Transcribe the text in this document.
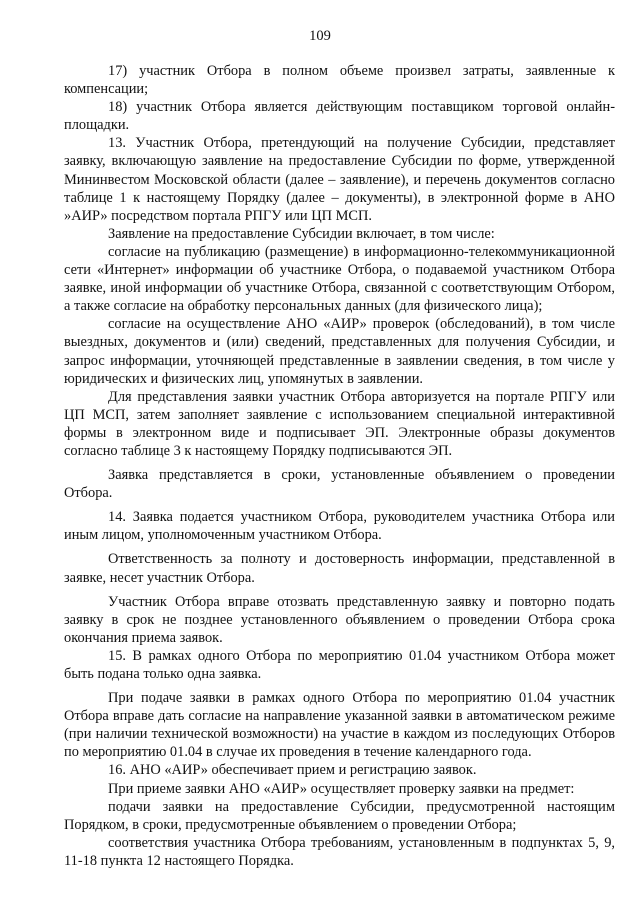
109

17) участник Отбора в полном объеме произвел затраты, заявленные к компенсации;

18) участник Отбора является действующим поставщиком торговой онлайн-площадки.

13. Участник Отбора, претендующий на получение Субсидии, представляет заявку, включающую заявление на предоставление Субсидии по форме, утвержденной Мининвестом Московской области (далее – заявление), и перечень документов согласно таблице 1 к настоящему Порядку (далее – документы), в электронной форме в АНО »АИР» посредством портала РПГУ или ЦП МСП.

Заявление на предоставление Субсидии включает, в том числе:

согласие на публикацию (размещение) в информационно-телекоммуникационной сети «Интернет» информации об участнике Отбора, о подаваемой участником Отбора заявке, иной информации об участнике Отбора, связанной с соответствующим Отбором, а также согласие на обработку персональных данных (для физического лица);

согласие на осуществление АНО «АИР» проверок (обследований), в том числе выездных, документов и (или) сведений, представленных для получения Субсидии, и запрос информации, уточняющей представленные в заявлении сведения, в том числе у юридических и физических лиц, упомянутых в заявлении.

Для представления заявки участник Отбора авторизуется на портале РПГУ или ЦП МСП, затем заполняет заявление с использованием специальной интерактивной формы в электронном виде и подписывает ЭП. Электронные образы документов согласно таблице 3 к настоящему Порядку подписываются ЭП.

Заявка представляется в сроки, установленные объявлением о проведении Отбора.

14. Заявка подается участником Отбора, руководителем участника Отбора или иным лицом, уполномоченным участником Отбора.

Ответственность за полноту и достоверность информации, представленной в заявке, несет участник Отбора.

Участник Отбора вправе отозвать представленную заявку и повторно подать заявку в срок не позднее установленного объявлением о проведении Отбора срока окончания приема заявок.

15. В рамках одного Отбора по мероприятию 01.04 участником Отбора может быть подана только одна заявка.

При подаче заявки в рамках одного Отбора по мероприятию 01.04 участник Отбора вправе дать согласие на направление указанной заявки в автоматическом режиме (при наличии технической возможности) на участие в каждом из последующих Отборов по мероприятию 01.04 в случае их проведения в течение календарного года.

16. АНО «АИР» обеспечивает прием и регистрацию заявок.

При приеме заявки АНО «АИР» осуществляет проверку заявки на предмет:

подачи заявки на предоставление Субсидии, предусмотренной настоящим Порядком, в сроки, предусмотренные объявлением о проведении Отбора;

соответствия участника Отбора требованиям, установленным в подпунктах 5, 9, 11-18 пункта 12 настоящего Порядка.
